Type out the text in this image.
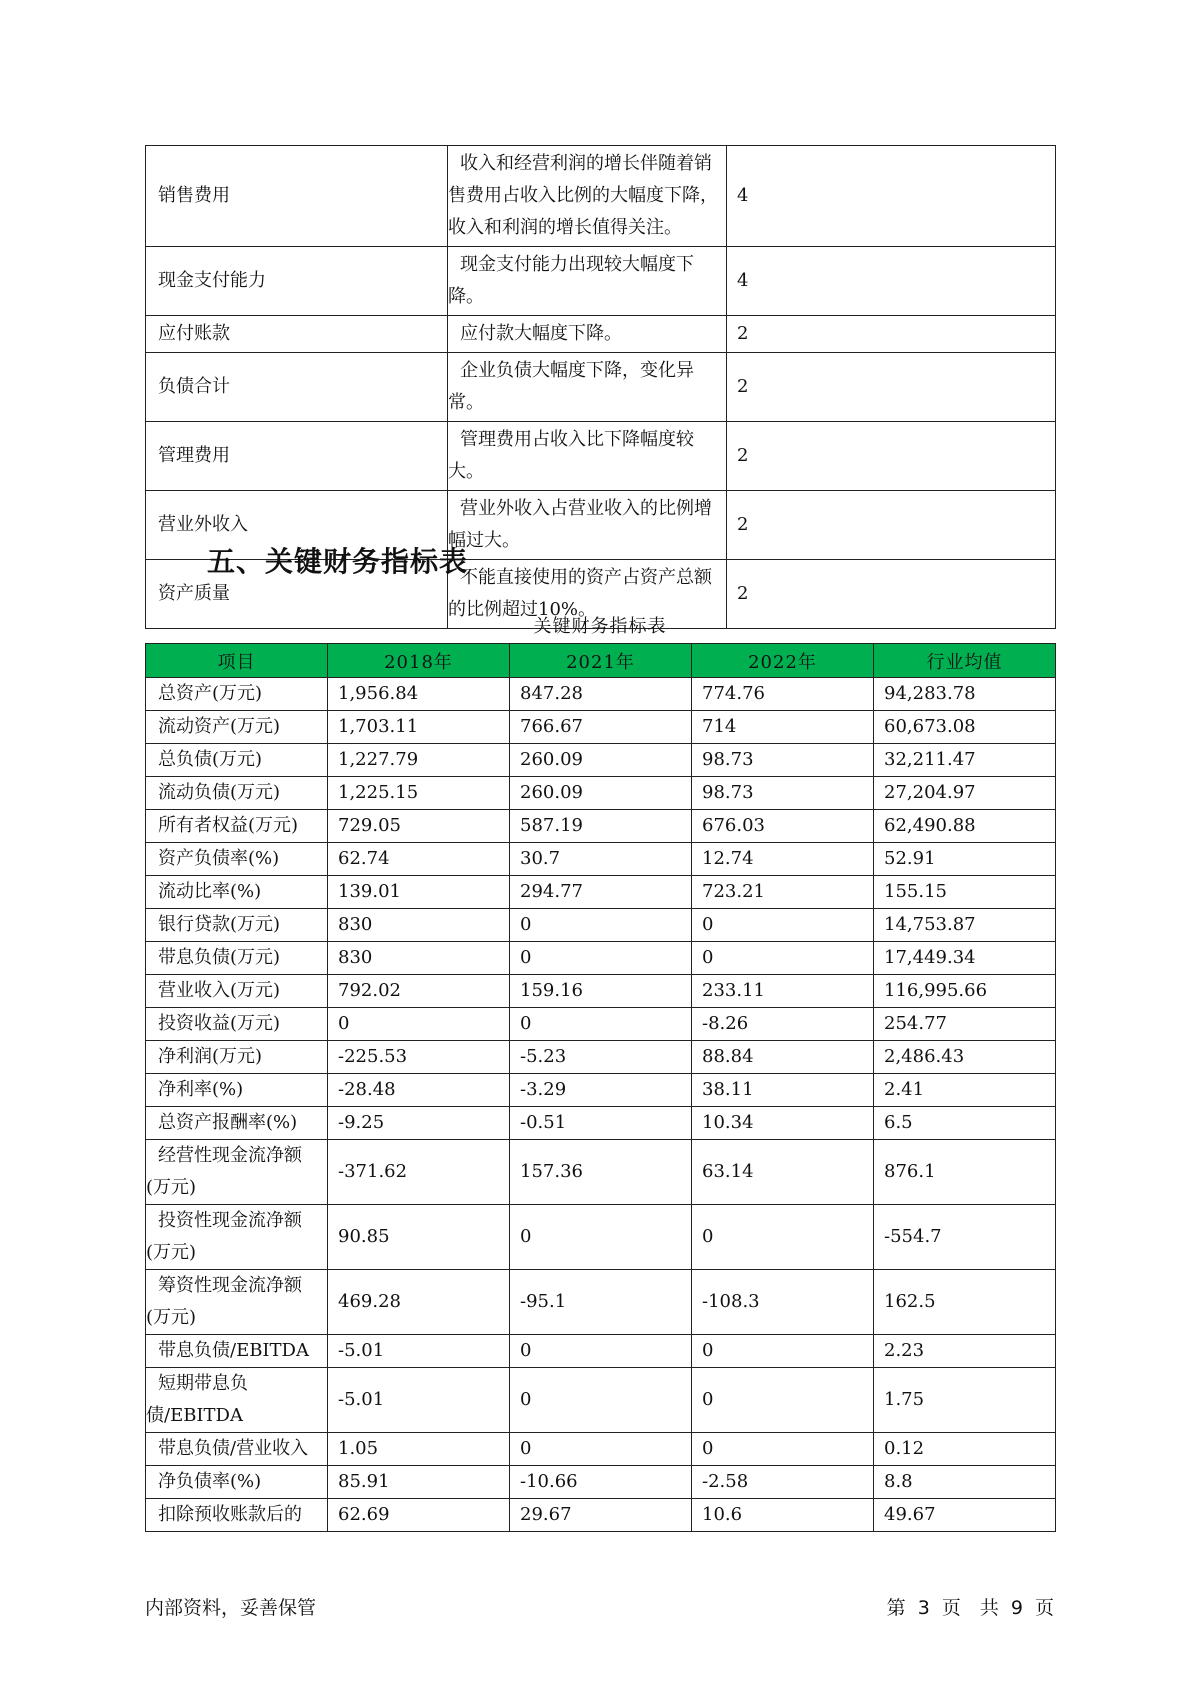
销售费用	收入和经营利润的增长伴随着销售费用占收入比例的大幅度下降，收入和利润的增长值得关注。	4
现金支付能力	现金支付能力出现较大幅度下降。	4
应付账款	应付款大幅度下降。	2
负债合计	企业负债大幅度下降，变化异常。	2
管理费用	管理费用占收入比下降幅度较大。	2
营业外收入	营业外收入占营业收入的比例增幅过大。	2
资产质量	不能直接使用的资产占资产总额的比例超过10%。	2
五、关键财务指标表
关键财务指标表
项目	2018年	2021年	2022年	行业均值
总资产(万元)	1,956.84	847.28	774.76	94,283.78
流动资产(万元)	1,703.11	766.67	714	60,673.08
总负债(万元)	1,227.79	260.09	98.73	32,211.47
流动负债(万元)	1,225.15	260.09	98.73	27,204.97
所有者权益(万元)	729.05	587.19	676.03	62,490.88
资产负债率(%)	62.74	30.7	12.74	52.91
流动比率(%)	139.01	294.77	723.21	155.15
银行贷款(万元)	830	0	0	14,753.87
带息负债(万元)	830	0	0	17,449.34
营业收入(万元)	792.02	159.16	233.11	116,995.66
投资收益(万元)	0	0	-8.26	254.77
净利润(万元)	-225.53	-5.23	88.84	2,486.43
净利率(%)	-28.48	-3.29	38.11	2.41
总资产报酬率(%)	-9.25	-0.51	10.34	6.5

经营性现金流净额(万元)	-371.62	157.36	63.14	876.1

投资性现金流净额(万元)	90.85	0	0	-554.7

筹资性现金流净额(万元)	469.28	-95.1	-108.3	162.5
带息负债/EBITDA	-5.01	0	0	2.23

短期带息负债/EBITDA	-5.01	0	0	1.75
带息负债/营业收入	1.05	0	0	0.12
净负债率(%)	85.91	-10.66	-2.58	8.8
扣除预收账款后的	62.69	29.67	10.6	49.67
内部资料，妥善保管	第 3 页　共 9 页
